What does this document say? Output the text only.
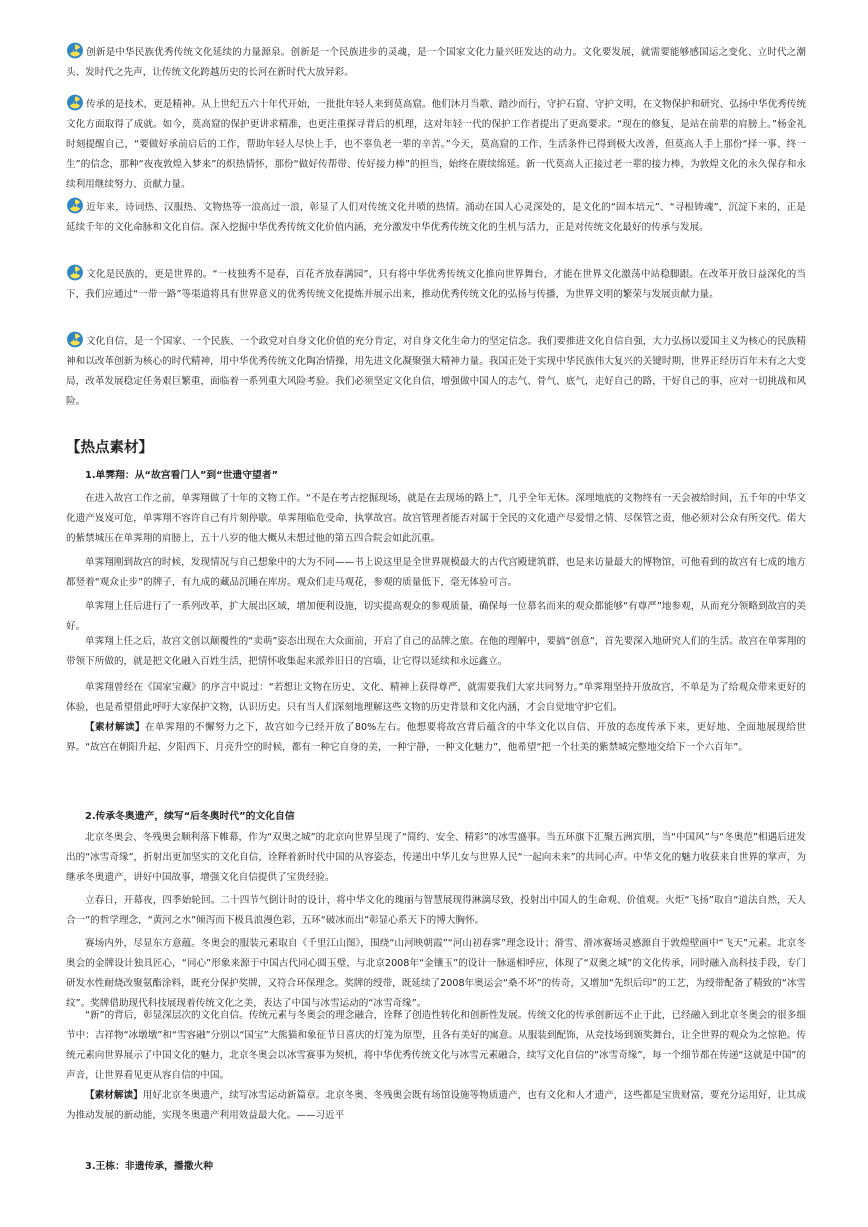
创新是中华民族优秀传统文化延续的力量源泉。创新是一个民族进步的灵魂，是一个国家文化力量兴旺发达的动力。文化要发展，就需要能够感国运之变化、立时代之潮头、发时代之先声，让传统文化跨越历史的长河在新时代大放异彩。

传承的是技术，更是精神。从上世纪五六十年代开始，一批批年轻人来到莫高窟。他们沐月当歌、踏沙而行，守护石窟、守护文明，在文物保护和研究、弘扬中华优秀传统文化方面取得了成就。如今，莫高窟的保护更讲求精准，也更注重探寻背后的机理，这对年轻一代的保护工作者提出了更高要求。“现在的修复，是站在前辈的肩膀上。”杨金礼时刻提醒自己，“要做好承前启后的工作，帮助年轻人尽快上手，也不辜负老一辈的辛苦。”今天，莫高窟的工作、生活条件已得到极大改善，但莫高人手上那份“择一事、终一生”的信念，那种“夜夜敦煌入梦来”的炽热情怀，那份“做好传帮带、传好接力棒”的担当，始终在赓续绵延。新一代莫高人正接过老一辈的接力棒，为敦煌文化的永久保存和永续利用继续努力、贡献力量。

近年来，诗词热、汉服热、文物热等一浪高过一浪，彰显了人们对传统文化井喷的热情。涌动在国人心灵深处的，是文化的“固本培元”、“寻根铸魂”，沉淀下来的，正是延续千年的文化命脉和文化自信。深入挖掘中华优秀传统文化价值内涵，充分激发中华优秀传统文化的生机与活力，正是对传统文化最好的传承与发展。

文化是民族的，更是世界的。“一枝独秀不是春，百花齐放春满园”，只有将中华优秀传统文化推向世界舞台，才能在世界文化激荡中站稳脚跟。在改革开放日益深化的当下，我们应通过“一带一路”等渠道将具有世界意义的优秀传统文化提炼并展示出来，推动优秀传统文化的弘扬与传播，为世界文明的繁荣与发展贡献力量。

文化自信，是一个国家、一个民族、一个政党对自身文化价值的充分肯定，对自身文化生命力的坚定信念。我们要推进文化自信自强，大力弘扬以爱国主义为核心的民族精神和以改革创新为核心的时代精神，用中华优秀传统文化陶冶情操，用先进文化凝聚强大精神力量。我国正处于实现中华民族伟大复兴的关键时期，世界正经历百年未有之大变局，改革发展稳定任务艰巨繁重，面临着一系列重大风险考验。我们必须坚定文化自信，增强做中国人的志气、骨气、底气，走好自己的路，干好自己的事，应对一切挑战和风险。

【热点素材】

1.单霁翔：从“故宫看门人”到“世遗守望者”

在进入故宫工作之前，单霁翔做了十年的文物工作。“不是在考古挖掘现场，就是在去现场的路上”，几乎全年无休。深埋地底的文物终有一天会被给时间，五千年的中华文化遗产岌岌可危，单霁翔不容许自己有片刻停歇。单霁翔临危受命，执掌故宫。故宫管理者能否对属于全民的文化遗产尽爱惜之情、尽保管之责，他必须对公众有所交代。偌大的紫禁城压在单霁翔的肩膀上，五十八岁的他大概从未想过他的第五四合院会如此沉重。

单霁翔刚到故宫的时候，发现情况与自己想象中的大为不同——书上说这里是全世界规模最大的古代宫殿建筑群，也是来访量最大的博物馆，可他看到的故宫有七成的地方都竖着“观众止步”的牌子，有九成的藏品沉睡在库房。观众们走马观花，参观的质量低下，毫无体验可言。

单霁翔上任后进行了一系列改革，扩大展出区域，增加便利设施，切实提高观众的参观质量，确保每一位慕名而来的观众都能够“有尊严”地参观，从而充分领略到故宫的美好。

单霁翔上任之后，故宫文创以颠覆性的“卖萌”姿态出现在大众面前，开启了自己的品牌之旅。在他的理解中，要搞“创意”，首先要深入地研究人们的生活。故宫在单霁翔的带领下所做的，就是把文化融入百姓生活，把情怀收集起来派养旧日的宫墙，让它得以延续和永远鑫立。

单霁翔曾经在《国家宝藏》的序言中说过：“若想让文物在历史、文化、精神上获得尊严，就需要我们大家共同努力。”单霁翔坚持开放故宫，不单是为了给观众带来更好的体验，也是希望借此呼吁大家保护文物，认识历史。只有当人们深刻地理解这些文物的历史背景和文化内涵，才会自觉地守护它们。

【素材解读】在单霁翔的不懈努力之下，故宫如今已经开放了80%左右。他想要将故宫背后蕴含的中华文化以自信、开放的态度传承下来，更好地、全面地展现给世界。“故宫在朝阳升起、夕阳西下、月亮升空的时候，都有一种它自身的美，一种宁静，一种文化魅力”，他希望“把一个壮美的紫禁城完整地交给下一个六百年”。

2.传承冬奥遗产，续写“后冬奥时代”的文化自信

北京冬奥会、冬残奥会顺利落下帷幕，作为“双奥之城”的北京向世界呈现了“简约、安全、精彩”的冰雪盛事。当五环旗下汇聚五洲宾朋，当“中国风”与“冬奥范”相遇后迸发出的“冰雪奇缘”，折射出更加坚实的文化自信，诠释着新时代中国的从容姿态，传递出中华儿女与世界人民“一起向未来”的共同心声。中华文化的魅力收获来自世界的掌声，为继承冬奥遗产，讲好中国故事，增强文化自信提供了宝贵经验。

立春日，开幕夜，四季始轮回。二十四节气倒计时的设计，将中华文化的瑰丽与智慧展现得淋漓尽致，投射出中国人的生命观、价值观。火炬“飞扬”取自“道法自然，天人合一”的哲学理念，“黄河之水”倾泻而下极具浪漫色彩，五环“破冰而出”彰显心系天下的博大胸怀。

赛场内外，尽显东方意蕴。冬奥会的服装元素取自《千里江山图》，围绕“山河映朝霞”“河山初春霁”理念设计；滑雪、滑冰赛场灵感源自于敦煌壁画中“飞天”元素。北京冬奥会的金牌设计独具匠心，“同心”形象来源于中国古代同心圆玉璧，与北京2008年“金镶玉”的设计一脉遥相呼应，体现了“双奥之城”的文化传承，同时融入高科技手段，专门研发水性耐烧改聚氨酯涂料，既充分保护奖牌，又符合环保理念。奖牌的绶带，既延续了2008年奥运会“桑不坏”的传奇，又增加“先织后印”的工艺，为绶带配备了精致的“冰雪纹”。奖牌借助现代科技展现着传统文化之美，表达了中国与冰雪运动的“冰雪奇缘”。

“新”的背后，彰显深层次的文化自信。传统元素与冬奥会的理念融合，诠释了创造性转化和创新性发展。传统文化的传承创新远不止于此，已经融入到北京冬奥会的很多细节中：吉祥物“冰墩墩”和“雪容融”分别以“国宝”大熊猫和象征节日喜庆的灯笼为原型，且各有美好的寓意。从服装到配饰，从竞技场到颁奖舞台，让全世界的观众为之惊艳。传统元素向世界展示了中国文化的魅力，北京冬奥会以冰雪赛事为契机，将中华优秀传统文化与冰雪元素融合，续写文化自信的“冰雪奇缘”，每一个细节都在传递“这就是中国”的声音，让世界看见更从容自信的中国。

【素材解读】用好北京冬奥遗产，续写冰雪运动新篇章。北京冬奥、冬残奥会既有场馆设施等物质遗产，也有文化和人才遗产，这些都是宝贵财富，要充分运用好，让其成为推动发展的新动能，实现冬奥遗产利用效益最大化。——习近平

3.王栋：非遗传承，播撒火种
